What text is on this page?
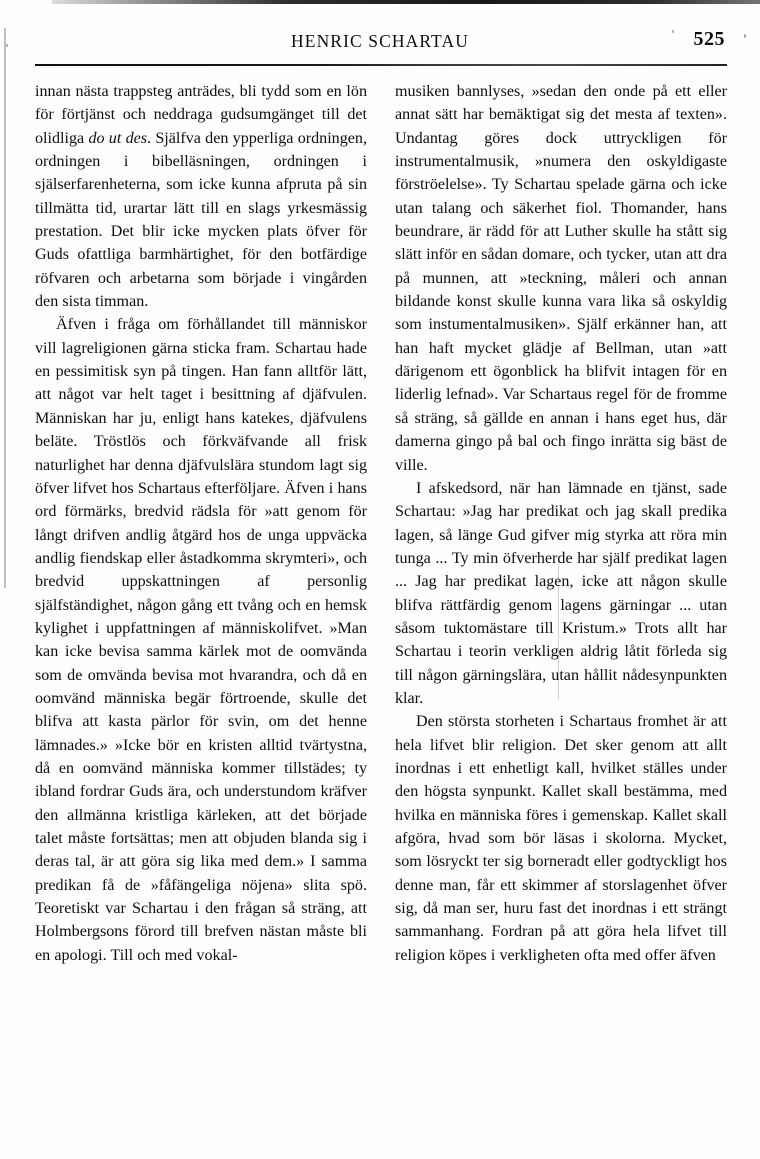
HENRIC SCHARTAU	525

innan nästa trappsteg anträdes, bli tydd som en lön för förtjänst och neddraga gudsumgänget till det olidliga do ut des. Själfva den ypperliga ordningen, ordningen i bibelläsningen, ordningen i själserfarenheterna, som icke kunna afpruta på sin tillmätta tid, urartar lätt till en slags yrkesmässig prestation. Det blir icke mycken plats öfver för Guds ofattliga barmhärtighet, för den botfärdige röfvaren och arbetarna som började i vingården den sista timman.

Äfven i fråga om förhållandet till människor vill lagreligionen gärna sticka fram. Schartau hade en pessimitisk syn på tingen. Han fann alltför lätt, att något var helt taget i besittning af djäfvulen. Människan har ju, enligt hans katekes, djäfvulens beläte. Tröstlös och förkväfvande all frisk naturlighet har denna djäfvulslära stundom lagt sig öfver lifvet hos Schartaus efterföljare. Äfven i hans ord förmärks, bredvid rädsla för »att genom för långt drifven andlig åtgärd hos de unga uppväcka andlig fiendskap eller åstadkomma skrymteri», och bredvid uppskattningen af personlig själfständighet, någon gång ett tvång och en hemsk kylighet i uppfattningen af människolifvet. »Man kan icke bevisa samma kärlek mot de oomvända som de omvända bevisa mot hvarandra, och då en oomvänd människa begär förtroende, skulle det blifva att kasta pärlor för svin, om det henne lämnades.» »Icke bör en kristen alltid tvärtystna, då en oomvänd människa kommer tillstädes; ty ibland fordrar Guds ära, och understundom kräfver den allmänna kristliga kärleken, att det började talet måste fortsättas; men att objuden blanda sig i deras tal, är att göra sig lika med dem.» I samma predikan få de »fåfängeliga nöjena» slita spö. Teoretiskt var Schartau i den frågan så sträng, att Holmbergsons förord till brefven nästan måste bli en apologi. Till och med vokal-

musiken bannlyses, »sedan den onde på ett eller annat sätt har bemäktigat sig det mesta af texten». Undantag göres dock uttryckligen för instrumentalmusik, »numera den oskyldigaste förströelelse». Ty Schartau spelade gärna och icke utan talang och säkerhet fiol. Thomander, hans beundrare, är rädd för att Luther skulle ha stått sig slätt inför en sådan domare, och tycker, utan att dra på munnen, att »teckning, måleri och annan bildande konst skulle kunna vara lika så oskyldig som instumentalmusiken». Själf erkänner han, att han haft mycket glädje af Bellman, utan »att därigenom ett ögonblick ha blifvit intagen för en liderlig lefnad». Var Schartaus regel för de fromme så sträng, så gällde en annan i hans eget hus, där damerna gingo på bal och fingo inrätta sig bäst de ville.

I afskedsord, när han lämnade en tjänst, sade Schartau: »Jag har predikat och jag skall predika lagen, så länge Gud gifver mig styrka att röra min tunga ... Ty min öfverherde har själf predikat lagen ... Jag har predikat lagen, icke att någon skulle blifva rättfärdig genom lagens gärningar ... utan såsom tuktomästare till Kristum.» Trots allt har Schartau i teorin verkligen aldrig låtit förleda sig till någon gärningslära, utan hållit nådesynpunkten klar.

Den största storheten i Schartaus fromhet är att hela lifvet blir religion. Det sker genom att allt inordnas i ett enhetligt kall, hvilket ställes under den högsta synpunkt. Kallet skall bestämma, med hvilka en människa föres i gemenskap. Kallet skall afgöra, hvad som bör läsas i skolorna. Mycket, som lösryckt ter sig borneradt eller godtyckligt hos denne man, får ett skimmer af storslagenhet öfver sig, då man ser, huru fast det inordnas i ett strängt sammanhang. Fordran på att göra hela lifvet till religion köpes i verkligheten ofta med offer äfven
